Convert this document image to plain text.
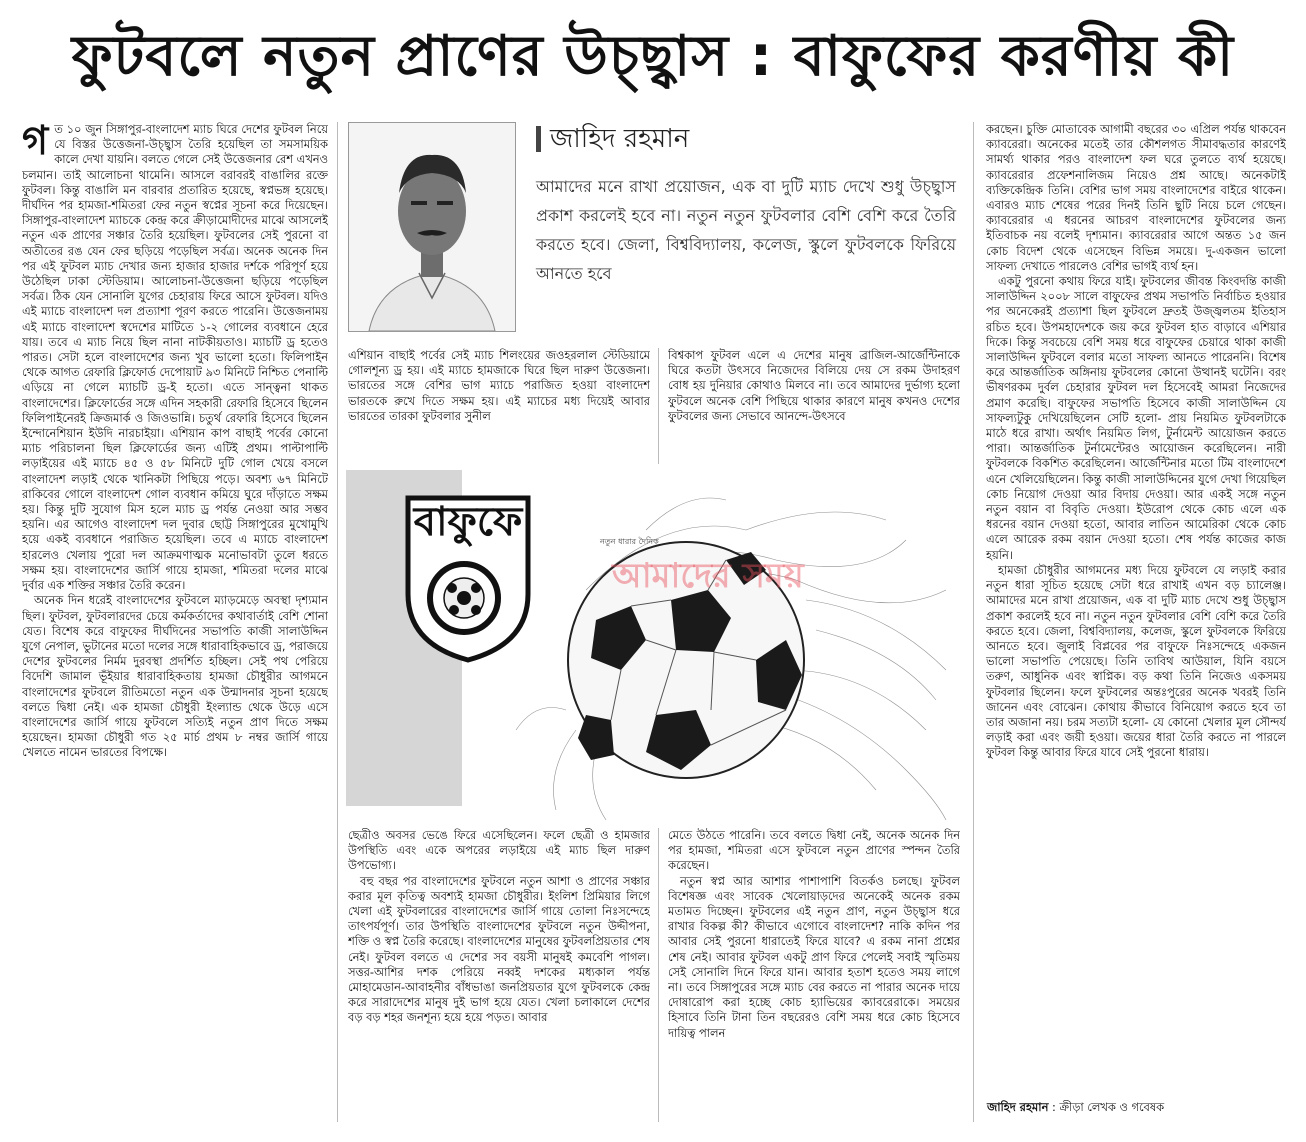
ফুটবলে নতুন প্রাণের উচ্ছ্বাস : বাফুফের করণীয় কী

গত ১০ জুন সিঙ্গাপুর-বাংলাদেশ ম্যাচ ঘিরে দেশের ফুটবল নিয়ে যে বিস্তর উত্তেজনা-উচ্ছ্বাস তৈরি হয়েছিল তা সমসাময়িক কালে দেখা যায়নি। বলতে গেলে সেই উত্তেজনার রেশ এখনও চলমান। তাই আলোচনা থামেনি। আসলে বরাবরই বাঙালির রক্তে ফুটবল। কিন্তু বাঙালি মন বারবার প্রতারিত হয়েছে, স্বপ্নভঙ্গ হয়েছে। দীর্ঘদিন পর হামজা-শমিতরা ফের নতুন স্বপ্নের সূচনা করে দিয়েছেন। সিঙ্গাপুর-বাংলাদেশ ম্যাচকে কেন্দ্র করে ক্রীড়ামোদীদের মাঝে আসলেই নতুন এক প্রাণের সঞ্চার তৈরি হয়েছিল। ফুটবলের সেই পুরনো বা অতীতের রঙ যেন ফের ছড়িয়ে পড়েছিল সর্বত্র। অনেক অনেক দিন পর এই ফুটবল ম্যাচ দেখার জন্য হাজার হাজার দর্শকে পরিপূর্ণ হয়ে উঠেছিল ঢাকা স্টেডিয়াম। আলোচনা-উত্তেজনা ছড়িয়ে পড়েছিল সর্বত্র। ঠিক যেন সোনালি যুগের চেহারায় ফিরে আসে ফুটবল। যদিও এই ম্যাচে বাংলাদেশ দল প্রত্যাশা পূরণ করতে পারেনি। উত্তেজনাময় এই ম্যাচে বাংলাদেশ স্বদেশের মাটিতে ১-২ গোলের ব্যবধানে হেরে যায়। তবে এ ম্যাচ নিয়ে ছিল নানা নাটকীয়তাও। ম্যাচটি ড্র হতেও পারত। সেটা হলে বাংলাদেশের জন্য খুব ভালো হতো। ফিলিপাইন থেকে আগত রেফারি ক্লিফোর্ড দেপোয়াট ৯৩ মিনিটে নিশ্চিত পেনাল্টি এড়িয়ে না গেলে ম্যাচটি ড্র-ই হতো। এতে সান্ত্বনা থাকত বাংলাদেশের। ক্লিফোর্ডের সঙ্গে এদিন সহকারী রেফারি হিসেবে ছিলেন ফিলিপাইনেরই ক্রিজমার্ক ও জিওভান্নি। চতুর্থ রেফারি হিসেবে ছিলেন ইন্দোনেশিয়ান ইউদি নারচাইয়া। এশিয়ান কাপ বাছাই পর্বের কোনো ম্যাচ পরিচালনা ছিল ক্লিফোর্ডের জন্য এটিই প্রথম। পাল্টাপাল্টি লড়াইয়ের এই ম্যাচে ৪৫ ও ৫৮ মিনিটে দুটি গোল খেয়ে বসলে বাংলাদেশ লড়াই থেকে খানিকটা পিছিয়ে পড়ে। অবশ্য ৬৭ মিনিটে রাকিবের গোলে বাংলাদেশ গোল ব্যবধান কমিয়ে ঘুরে দাঁড়াতে সক্ষম হয়। কিন্তু দুটি সুযোগ মিস হলে ম্যাচ ড্র পর্যন্ত নেওয়া আর সম্ভব হয়নি। এর আগেও বাংলাদেশ দল দুবার ছোট্ট সিঙ্গাপুরের মুখোমুখি হয়ে একই ব্যবধানে পরাজিত হয়েছিল। তবে এ ম্যাচে বাংলাদেশ হারলেও খেলায় পুরো দল আক্রমণাত্মক মনোভাবটা তুলে ধরতে সক্ষম হয়। বাংলাদেশের জার্সি গায়ে হামজা, শমিতরা দলের মাঝে দুর্বার এক শক্তির সঞ্চার তৈরি করেন।

অনেক দিন ধরেই বাংলাদেশের ফুটবলে ম্যাড়মেড়ে অবস্থা দৃশ্যমান ছিল। ফুটবল, ফুটবলারদের চেয়ে কর্মকর্তাদের কথাবার্তাই বেশি শোনা যেত। বিশেষ করে বাফুফের দীর্ঘদিনের সভাপতি কাজী সালাউদ্দিন যুগে নেপাল, ভুটানের মতো দলের সঙ্গে ধারাবাহিকভাবে ড্র, পরাজয়ে দেশের ফুটবলের নির্মম দুরবস্থা প্রদর্শিত হচ্ছিল। সেই পথ পেরিয়ে বিদেশি জামাল ভূঁইয়ার ধারাবাহিকতায় হামজা চৌধুরীর আগমনে বাংলাদেশের ফুটবলে রীতিমতো নতুন এক উন্মাদনার সূচনা হয়েছে বলতে দ্বিধা নেই। এক হামজা চৌধুরী ইংল্যান্ড থেকে উড়ে এসে বাংলাদেশের জার্সি গায়ে ফুটবলে সত্যিই নতুন প্রাণ দিতে সক্ষম হয়েছেন। হামজা চৌধুরী গত ২৫ মার্চ প্রথম ৮ নম্বর জার্সি গায়ে খেলতে নামেন ভারতের বিপক্ষে।

জাহিদ রহমান
আমাদের মনে রাখা প্রয়োজন, এক বা দুটি ম্যাচ দেখে শুধু উচ্ছ্বাস প্রকাশ করলেই হবে না। নতুন নতুন ফুটবলার বেশি বেশি করে তৈরি করতে হবে। জেলা, বিশ্ববিদ্যালয়, কলেজ, স্কুলে ফুটবলকে ফিরিয়ে আনতে হবে

এশিয়ান বাছাই পর্বের সেই ম্যাচ শিলংয়ের জওহরলাল স্টেডিয়ামে গোলশূন্য ড্র হয়। এই ম্যাচে হামজাকে ঘিরে ছিল দারুণ উত্তেজনা। ভারতের সঙ্গে বেশির ভাগ ম্যাচে পরাজিত হওয়া বাংলাদেশ ভারতকে রুখে দিতে সক্ষম হয়। এই ম্যাচের মধ্য দিয়েই আবার ভারতের তারকা ফুটবলার সুনীল

বিশ্বকাপ ফুটবল এলে এ দেশের মানুষ ব্রাজিল-আর্জেন্টিনাকে ঘিরে কতটা উৎসবে নিজেদের বিলিয়ে দেয় সে রকম উদাহরণ বোধ হয় দুনিয়ার কোথাও মিলবে না। তবে আমাদের দুর্ভাগ্য হলো ফুটবলে অনেক বেশি পিছিয়ে থাকার কারণে মানুষ কখনও দেশের ফুটবলের জন্য সেভাবে আনন্দে-উৎসবে

বাফুফে	নতুন ধারার দৈনিক
আমাদের সময়

ছেত্রীও অবসর ভেঙে ফিরে এসেছিলেন। ফলে ছেত্রী ও হামজার উপস্থিতি এবং একে অপরের লড়াইয়ে এই ম্যাচ ছিল দারুণ উপভোগ্য।

বহু বছর পর বাংলাদেশের ফুটবলে নতুন আশা ও প্রাণের সঞ্চার করার মূল কৃতিত্ব অবশ্যই হামজা চৌধুরীর। ইংলিশ প্রিমিয়ার লিগে খেলা এই ফুটবলারের বাংলাদেশের জার্সি গায়ে তোলা নিঃসন্দেহে তাৎপর্যপূর্ণ। তার উপস্থিতি বাংলাদেশের ফুটবলে নতুন উদ্দীপনা, শক্তি ও স্বপ্ন তৈরি করেছে। বাংলাদেশের মানুষের ফুটবলপ্রিয়তার শেষ নেই। ফুটবল বলতে এ দেশের সব বয়সী মানুষই কমবেশি পাগল। সত্তর-আশির দশক পেরিয়ে নব্বই দশকের মধ্যকাল পর্যন্ত মোহামেডান-আবাহনীর বাঁধভাঙা জনপ্রিয়তার যুগে ফুটবলকে কেন্দ্র করে সারাদেশের মানুষ দুই ভাগ হয়ে যেত। খেলা চলাকালে দেশের বড় বড় শহর জনশূন্য হয়ে হয়ে পড়ত। আবার

মেতে উঠতে পারেনি। তবে বলতে দ্বিধা নেই, অনেক অনেক দিন পর হামজা, শমিতরা এসে ফুটবলে নতুন প্রাণের স্পন্দন তৈরি করেছেন।

নতুন স্বপ্ন আর আশার পাশাপাশি বিতর্কও চলছে। ফুটবল বিশেষজ্ঞ এবং সাবেক খেলোয়াড়দের অনেকেই অনেক রকম মতামত দিচ্ছেন। ফুটবলের এই নতুন প্রাণ, নতুন উচ্ছ্বাস ধরে রাখার বিকল্প কী? কীভাবে এগোবে বাংলাদেশ? নাকি কদিন পর আবার সেই পুরনো ধারাতেই ফিরে যাবে? এ রকম নানা প্রশ্নের শেষ নেই। আবার ফুটবল একটু প্রাণ ফিরে পেলেই সবাই স্মৃতিময় সেই সোনালি দিনে ফিরে যান। আবার হতাশ হতেও সময় লাগে না। তবে সিঙ্গাপুরের সঙ্গে ম্যাচ বের করতে না পারার অনেক দায়ে দোষারোপ করা হচ্ছে কোচ হ্যাভিয়ের ক্যাবরেরাকে। সময়ের হিসাবে তিনি টানা তিন বছরেরও বেশি সময় ধরে কোচ হিসেবে দায়িত্ব পালন

করছেন। চুক্তি মোতাবেক আগামী বছরের ৩০ এপ্রিল পর্যন্ত থাকবেন ক্যাবরেরা। অনেকের মতেই তার কৌশলগত সীমাবদ্ধতার কারণেই সামর্থ্য থাকার পরও বাংলাদেশ ফল ঘরে তুলতে ব্যর্থ হয়েছে। ক্যাবরেরার প্রফেশনালিজম নিয়েও প্রশ্ন আছে। অনেকটাই ব্যক্তিকেন্দ্রিক তিনি। বেশির ভাগ সময় বাংলাদেশের বাইরে থাকেন। এবারও ম্যাচ শেষের পরের দিনই তিনি ছুটি নিয়ে চলে গেছেন। ক্যাবরেরার এ ধরনের আচরণ বাংলাদেশের ফুটবলের জন্য ইতিবাচক নয় বলেই দৃশ্যমান। ক্যাবরেরার আগে অন্তত ১৫ জন কোচ বিদেশ থেকে এসেছেন বিভিন্ন সময়ে। দু-একজন ভালো সাফল্য দেখাতে পারলেও বেশির ভাগই ব্যর্থ হন।

একটু পুরনো কথায় ফিরে যাই। ফুটবলের জীবন্ত কিংবদন্তি কাজী সালাউদ্দিন ২০০৮ সালে বাফুফের প্রথম সভাপতি নির্বাচিত হওয়ার পর অনেকেরই প্রত্যাশা ছিল ফুটবলে দ্রুতই উজ্জ্বলতম ইতিহাস রচিত হবে। উপমহাদেশকে জয় করে ফুটবল হাত বাড়াবে এশিয়ার দিকে। কিন্তু সবচেয়ে বেশি সময় ধরে বাফুফের চেয়ারে থাকা কাজী সালাউদ্দিন ফুটবলে বলার মতো সাফল্য আনতে পারেননি। বিশেষ করে আন্তর্জাতিক অঙ্গিনায় ফুটবলের কোনো উত্থানই ঘটেনি। বরং ভীষণরকম দুর্বল চেহারার ফুটবল দল হিসেবেই আমরা নিজেদের প্রমাণ করেছি। বাফুফের সভাপতি হিসেবে কাজী সালাউদ্দিন যে সাফল্যটুকু দেখিয়েছিলেন সেটি হলো- প্রায় নিয়মিত ফুটবলটাকে মাঠে ধরে রাখা। অর্থাৎ নিয়মিত লিগ, টুর্নামেন্ট আয়োজন করতে পারা। আন্তর্জাতিক টুর্নামেন্টেরও আয়োজন করেছিলেন। নারী ফুটবলকে বিকশিত করেছিলেন। আর্জেন্টিনার মতো টিম বাংলাদেশে এনে খেলিয়েছিলেন। কিন্তু কাজী সালাউদ্দিনের যুগে দেখা গিয়েছিল কোচ নিয়োগ দেওয়া আর বিদায় দেওয়া। আর একই সঙ্গে নতুন নতুন বয়ান বা বিবৃতি দেওয়া। ইউরোপ থেকে কোচ এলে এক ধরনের বয়ান দেওয়া হতো, আবার লাতিন আমেরিকা থেকে কোচ এলে আরেক রকম বয়ান দেওয়া হতো। শেষ পর্যন্ত কাজের কাজ হয়নি।

হামজা চৌধুরীর আগমনের মধ্য দিয়ে ফুটবলে যে লড়াই করার নতুন ধারা সূচিত হয়েছে সেটা ধরে রাখাই এখন বড় চ্যালেঞ্জ। আমাদের মনে রাখা প্রয়োজন, এক বা দুটি ম্যাচ দেখে শুধু উচ্ছ্বাস প্রকাশ করলেই হবে না। নতুন নতুন ফুটবলার বেশি বেশি করে তৈরি করতে হবে। জেলা, বিশ্ববিদ্যালয়, কলেজ, স্কুলে ফুটবলকে ফিরিয়ে আনতে হবে। জুলাই বিপ্লবের পর বাফুফে নিঃসন্দেহে একজন ভালো সভাপতি পেয়েছে। তিনি তাবিথ আউয়াল, যিনি বয়সে তরুণ, আধুনিক এবং স্বাপ্নিক। বড় কথা তিনি নিজেও একসময় ফুটবলার ছিলেন। ফলে ফুটবলের অন্তঃপুরের অনেক খবরই তিনি জানেন এবং বোঝেন। কোথায় কীভাবে বিনিয়োগ করতে হবে তা তার অজানা নয়। চরম সত্যটা হলো- যে কোনো খেলার মূল সৌন্দর্য লড়াই করা এবং জয়ী হওয়া। জয়ের ধারা তৈরি করতে না পারলে ফুটবল কিন্তু আবার ফিরে যাবে সেই পুরনো ধারায়।

জাহিদ রহমান : ক্রীড়া লেখক ও গবেষক
